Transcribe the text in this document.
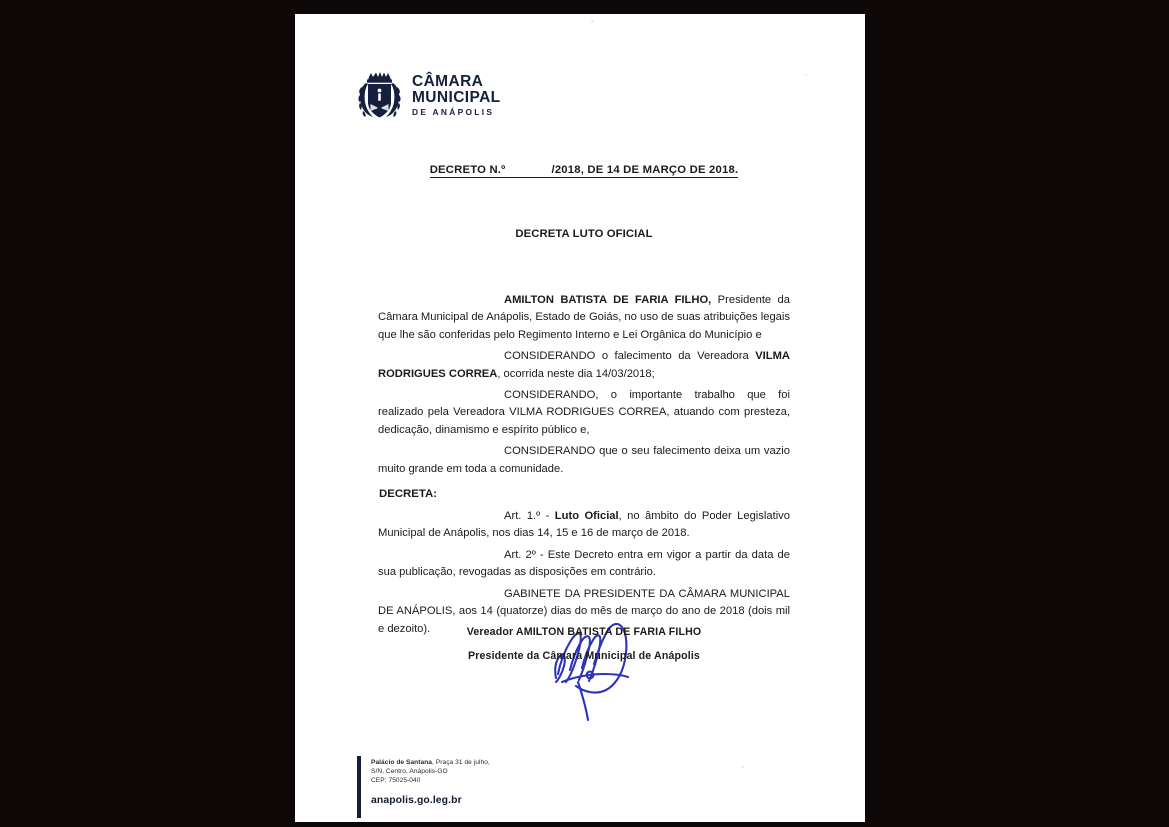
CÂMARA
MUNICIPAL
DE ANÁPOLIS
DECRETO N.º	/2018, DE 14 DE MARÇO DE 2018.
DECRETA LUTO OFICIAL

AMILTON BATISTA DE FARIA FILHO, Presidente da Câmara Municipal de Anápolis, Estado de Goiás, no uso de suas atribuições legais que lhe são conferidas pelo Regimento Interno e Lei Orgânica do Município e

CONSIDERANDO o falecimento da Vereadora VILMA RODRIGUES CORREA, ocorrida neste dia 14/03/2018;

CONSIDERANDO, o importante trabalho que foi realizado pela Vereadora VILMA RODRIGUES CORREA, atuando com presteza, dedicação, dinamismo e espírito público e,

CONSIDERANDO que o seu falecimento deixa um vazio muito grande em toda a comunidade.

DECRETA:

Art. 1.º - Luto Oficial, no âmbito do Poder Legislativo Municipal de Anápolis, nos dias 14, 15 e 16 de março de 2018.

Art. 2º - Este Decreto entra em vigor a partir da data de sua publicação, revogadas as disposições em contrário.

GABINETE DA PRESIDENTE DA CÂMARA MUNICIPAL DE ANÁPOLIS, aos 14 (quatorze) dias do mês de março do ano de 2018 (dois mil e dezoito).	Vereador AMILTON BATISTA DE FARIA FILHO
Presidente da Câmara Municipal de Anápolis
Palácio de Santana, Praça 31 de julho,
S/N, Centro, Anápolis-GO
CEP: 75025-040
anapolis.go.leg.br
